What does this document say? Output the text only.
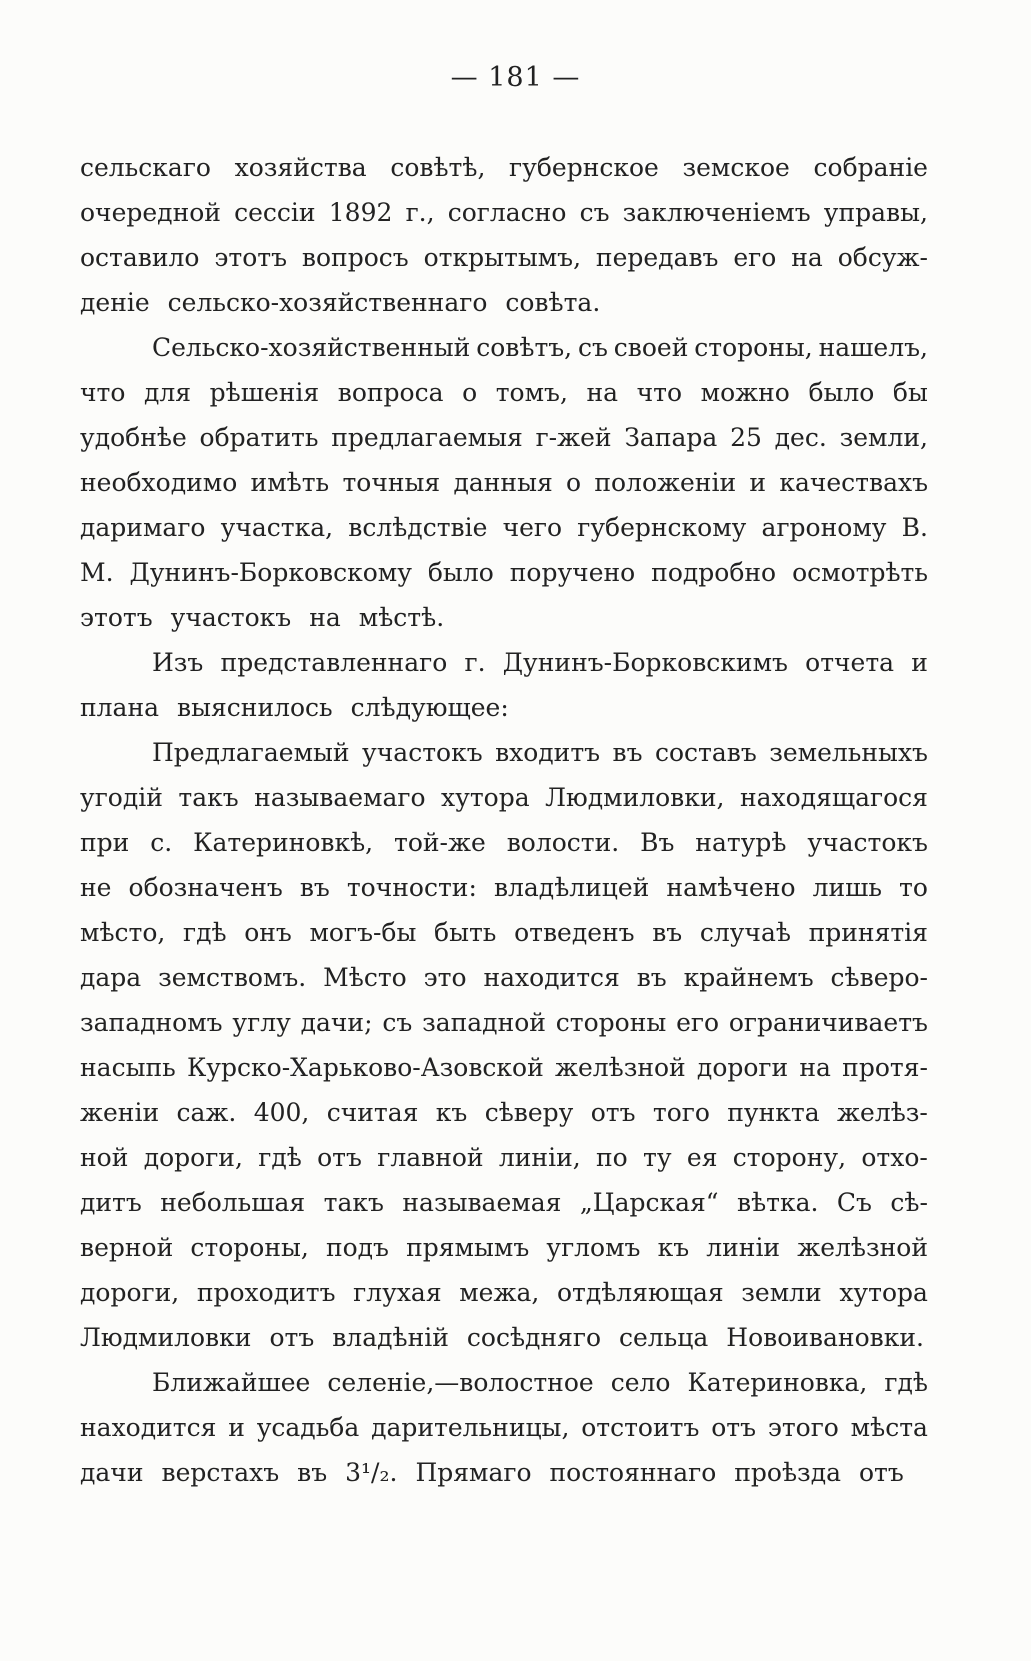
— 181 —
сельскаго хозяйства совѣтѣ, губернское земское собраніе
очередной сессіи 1892 г., согласно съ заключеніемъ управы,
оставило этотъ вопросъ открытымъ, передавъ его на обсуж-
деніе сельско-хозяйственнаго совѣта.
Сельско-хозяйственный совѣтъ, съ своей стороны, нашелъ,
что для рѣшенія вопроса о томъ, на что можно было бы
удобнѣе обратить предлагаемыя г-жей Запара 25 дес. земли,
необходимо имѣть точныя данныя о положеніи и качествахъ
даримаго участка, вслѣдствіе чего губернскому агроному В.
М. Дунинъ-Борковскому было поручено подробно осмотрѣть
этотъ участокъ на мѣстѣ.
Изъ представленнаго г. Дунинъ-Борковскимъ отчета и
плана выяснилось слѣдующее:
Предлагаемый участокъ входитъ въ составъ земельныхъ
угодій такъ называемаго хутора Людмиловки, находящагося
при с. Катериновкѣ, той-же волости. Въ натурѣ участокъ
не обозначенъ въ точности: владѣлицей намѣчено лишь то
мѣсто, гдѣ онъ могъ-бы быть отведенъ въ случаѣ принятія
дара земствомъ. Мѣсто это находится въ крайнемъ сѣверо-
западномъ углу дачи; съ западной стороны его ограничиваетъ
насыпь Курско-Харьково-Азовской желѣзной дороги на протя-
женіи саж. 400, считая къ сѣверу отъ того пункта желѣз-
ной дороги, гдѣ отъ главной линіи, по ту ея сторону, отхо-
дитъ небольшая такъ называемая „Царская“ вѣтка. Съ сѣ-
верной стороны, подъ прямымъ угломъ къ линіи желѣзной
дороги, проходитъ глухая межа, отдѣляющая земли хутора
Людмиловки отъ владѣній сосѣдняго сельца Новоивановки.
Ближайшее селеніе,—волостное село Катериновка, гдѣ
находится и усадьба дарительницы, отстоитъ отъ этого мѣста
дачи верстахъ въ 3¹/₂. Прямаго постояннаго проѣзда отъ
